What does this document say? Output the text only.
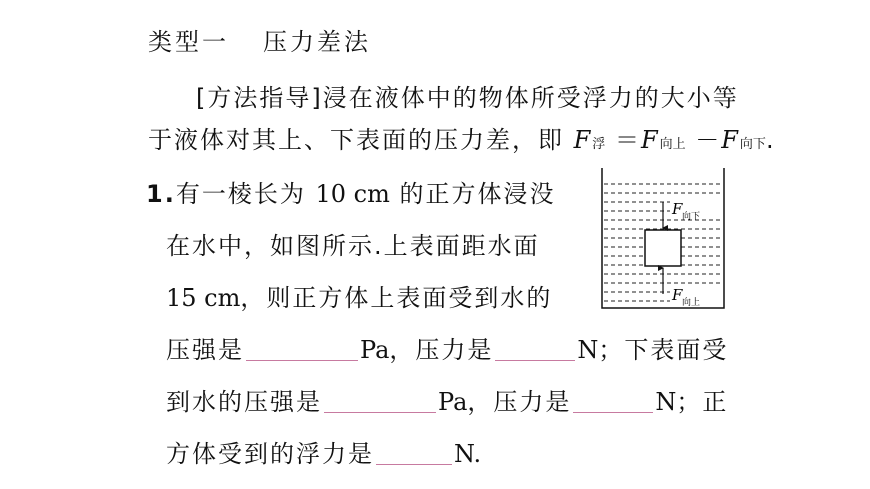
类型一 压力差法
[方法指导]浸在液体中的物体所受浮力的大小等
于液体对其上、下表面的压力差，即 F浮 ＝F向上 －F向下.
1.有一棱长为 10 cm 的正方体浸没
在水中，如图所示.上表面距水面
15 cm，则正方体上表面受到水的
压强是	Pa，压力是	N；下表面受
到水的压强是	Pa，压力是	N；正
方体受到的浮力是	N.
F 向下
F 向上
